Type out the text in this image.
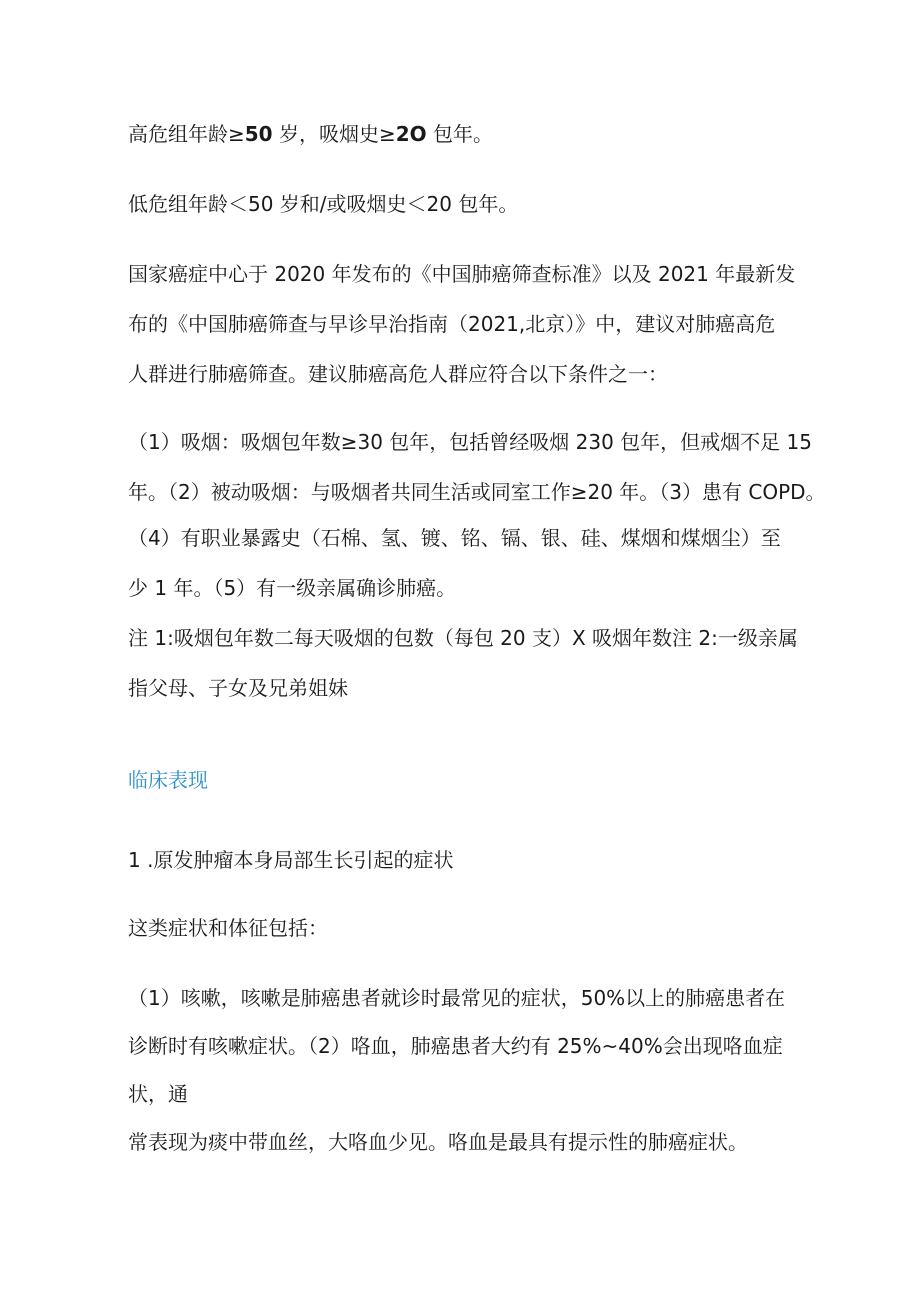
高危组年龄≥50 岁，吸烟史≥2O 包年。
低危组年龄＜50 岁和/或吸烟史＜20 包年。
国家癌症中心于 2020 年发布的《中国肺癌筛查标准》以及 2021 年最新发
布的《中国肺癌筛查与早诊早治指南（2021,北京）》中，建议对肺癌高危
人群进行肺癌筛查。建议肺癌高危人群应符合以下条件之一：
（1）吸烟：吸烟包年数≥30 包年，包括曾经吸烟 230 包年，但戒烟不足 15
年。（2）被动吸烟：与吸烟者共同生活或同室工作≥20 年。（3）患有 COPD。
（4）有职业暴露史（石棉、氢、镀、铭、镉、银、硅、煤烟和煤烟尘）至
少 1 年。（5）有一级亲属确诊肺癌。
注 1:吸烟包年数二每天吸烟的包数（每包 20 支）X 吸烟年数注 2:一级亲属
指父母、子女及兄弟姐妹
临床表现
1 .原发肿瘤本身局部生长引起的症状
这类症状和体征包括：
（1）咳嗽，咳嗽是肺癌患者就诊时最常见的症状，50%以上的肺癌患者在
诊断时有咳嗽症状。（2）咯血，肺癌患者大约有 25%~40%会出现咯血症
状，通
常表现为痰中带血丝，大咯血少见。咯血是最具有提示性的肺癌症状。
